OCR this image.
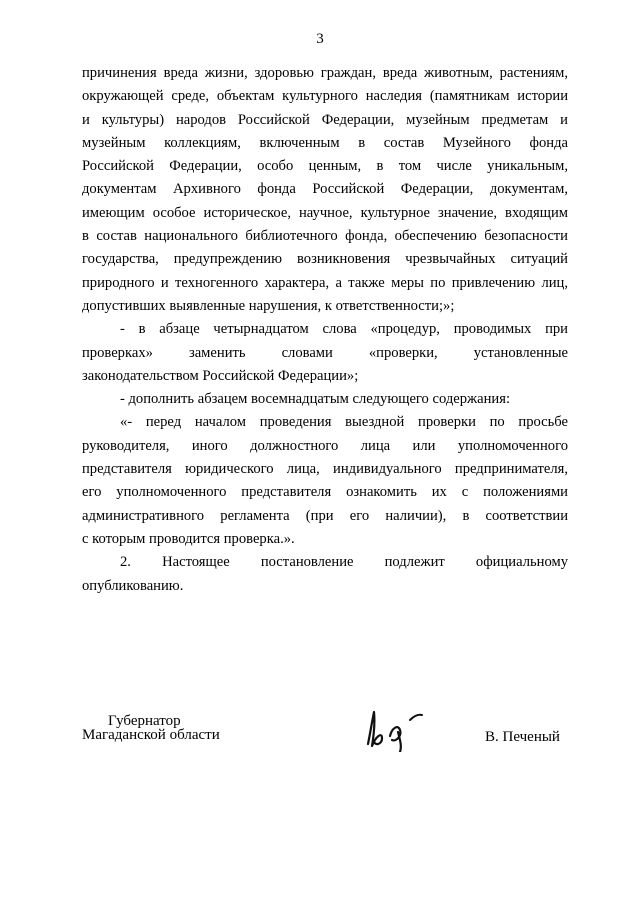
3
причинения вреда жизни, здоровью граждан, вреда животным, растениям,
окружающей среде, объектам культурного наследия (памятникам истории
и культуры) народов Российской Федерации, музейным предметам и
музейным коллекциям, включенным в состав Музейного фонда
Российской Федерации, особо ценным, в том числе уникальным,
документам Архивного фонда Российской Федерации, документам,
имеющим особое историческое, научное, культурное значение, входящим
в состав национального библиотечного фонда, обеспечению безопасности
государства, предупреждению возникновения чрезвычайных ситуаций
природного и техногенного характера, а также меры по привлечению лиц,
допустивших выявленные нарушения, к ответственности;»;
- в абзаце четырнадцатом слова «процедур, проводимых при
проверках» заменить словами «проверки, установленные
законодательством Российской Федерации»;
- дополнить абзацем восемнадцатым следующего содержания:
«- перед началом проведения выездной проверки по просьбе
руководителя, иного должностного лица или уполномоченного
представителя юридического лица, индивидуального предпринимателя,
его уполномоченного представителя ознакомить их с положениями
административного регламента (при его наличии), в соответствии
с которым проводится проверка.».
2. Настоящее постановление подлежит официальному
опубликованию.
Губернатор
Магаданской области	В. Печеный
